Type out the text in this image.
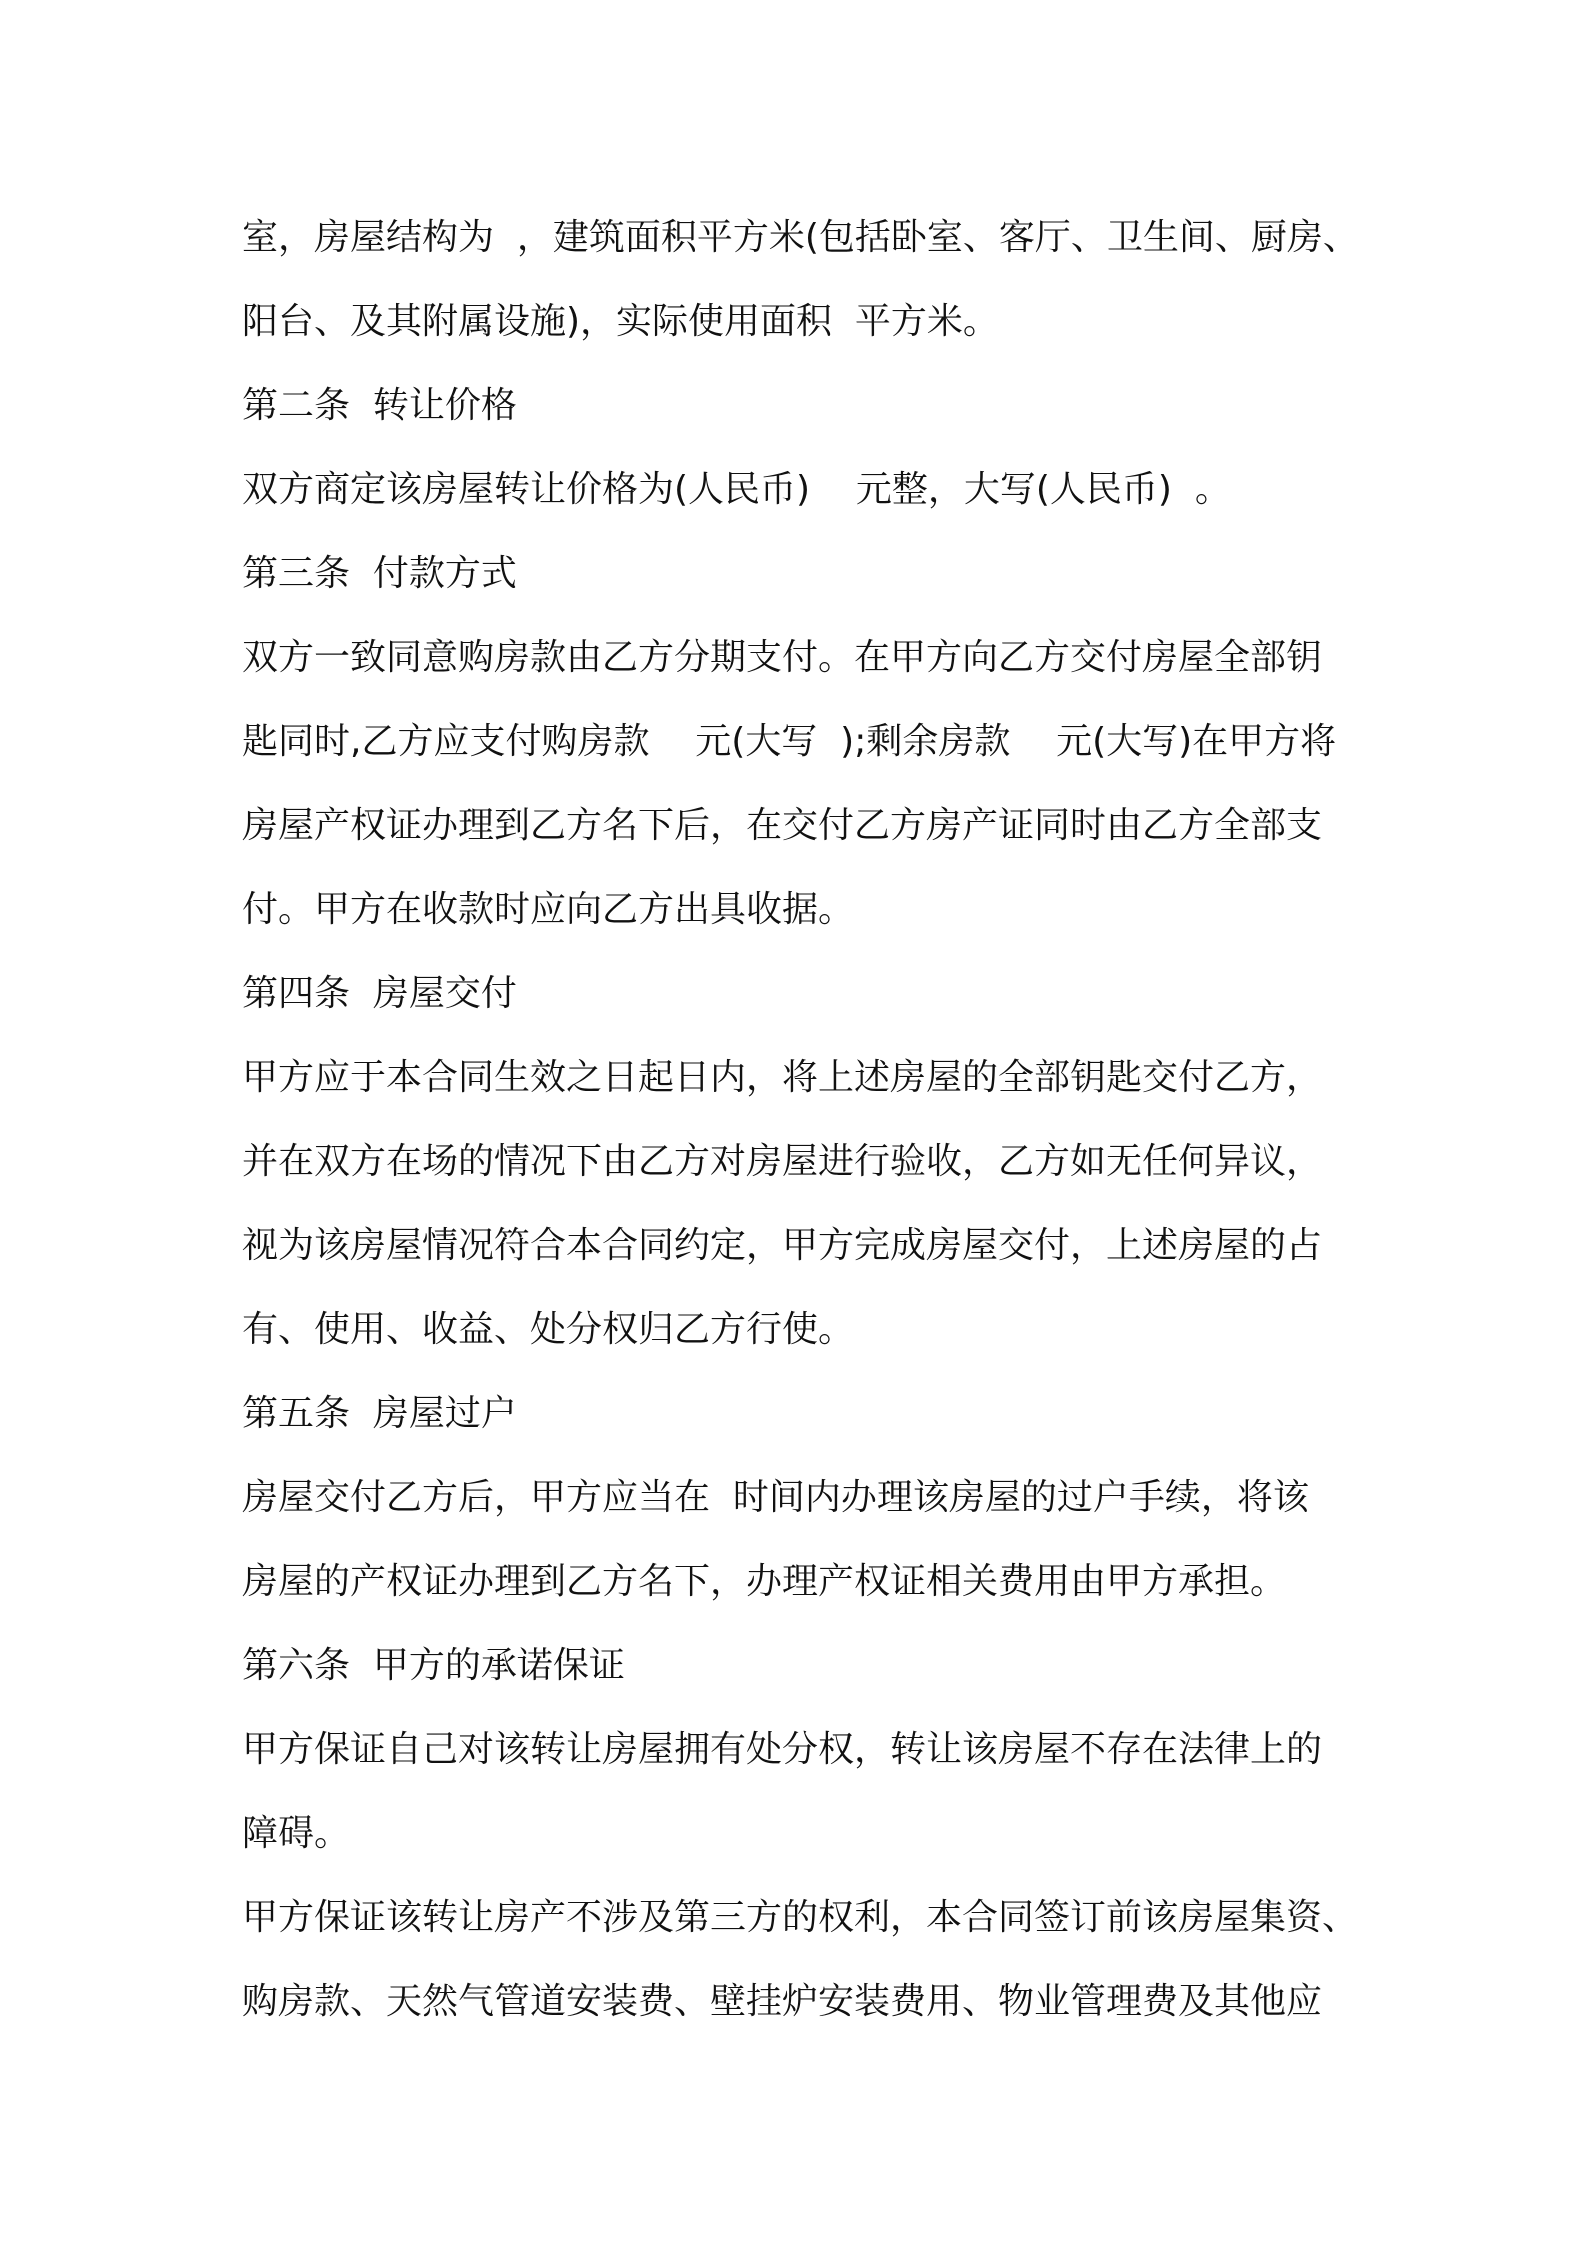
室，房屋结构为  ，建筑面积平方米(包括卧室、客厅、卫生间、厨房、
阳台、及其附属设施)，实际使用面积  平方米。
第二条  转让价格
双方商定该房屋转让价格为(人民币)    元整，大写(人民币)  。
第三条  付款方式
双方一致同意购房款由乙方分期支付。在甲方向乙方交付房屋全部钥
匙同时,乙方应支付购房款    元(大写  );剩余房款    元(大写)在甲方将
房屋产权证办理到乙方名下后，在交付乙方房产证同时由乙方全部支
付。甲方在收款时应向乙方出具收据。
第四条  房屋交付
甲方应于本合同生效之日起日内，将上述房屋的全部钥匙交付乙方，
并在双方在场的情况下由乙方对房屋进行验收，乙方如无任何异议，
视为该房屋情况符合本合同约定，甲方完成房屋交付，上述房屋的占
有、使用、收益、处分权归乙方行使。
第五条  房屋过户
房屋交付乙方后，甲方应当在  时间内办理该房屋的过户手续，将该
房屋的产权证办理到乙方名下，办理产权证相关费用由甲方承担。
第六条  甲方的承诺保证
甲方保证自己对该转让房屋拥有处分权，转让该房屋不存在法律上的
障碍。
甲方保证该转让房产不涉及第三方的权利，本合同签订前该房屋集资、
购房款、天然气管道安装费、壁挂炉安装费用、物业管理费及其他应
